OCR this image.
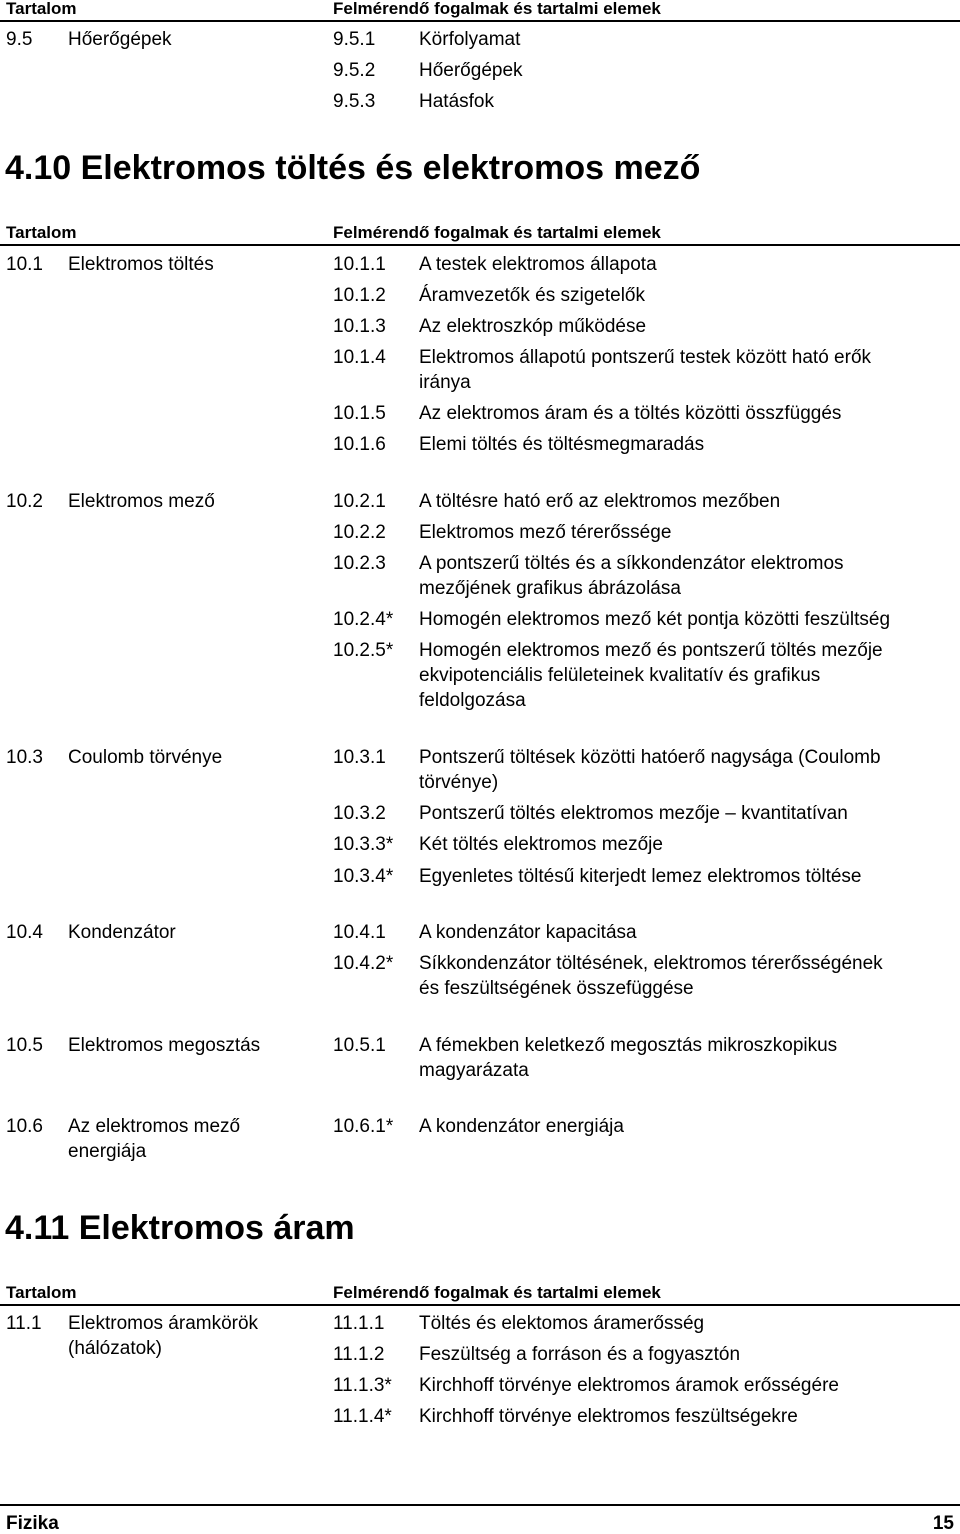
Tartalom	Felmérendő fogalmak és tartalmi elemek
9.5 Hőerőgépek	9.5.1 Körfolyamat
9.5.2 Hőerőgépek
9.5.3 Hatásfok
4.10 Elektromos töltés és elektromos mező
Tartalom	Felmérendő fogalmak és tartalmi elemek
10.1 Elektromos töltés	10.1.1 A testek elektromos állapota
10.1.2 Áramvezetők és szigetelők
10.1.3 Az elektroszkóp működése
10.1.4 Elektromos állapotú pontszerű testek között ható erők
iránya
10.1.5 Az elektromos áram és a töltés közötti összfüggés
10.1.6 Elemi töltés és töltésmegmaradás
10.2 Elektromos mező	10.2.1 A töltésre ható erő az elektromos mezőben
10.2.2 Elektromos mező térerőssége
10.2.3 A pontszerű töltés és a síkkondenzátor elektromos
mezőjének grafikus ábrázolása
10.2.4* Homogén elektromos mező két pontja közötti feszültség
10.2.5* Homogén elektromos mező és pontszerű töltés mezője
ekvipotenciális felületeinek kvalitatív és grafikus
feldolgozása
10.3 Coulomb törvénye	10.3.1 Pontszerű töltések közötti hatóerő nagysága (Coulomb
törvénye)
10.3.2 Pontszerű töltés elektromos mezője – kvantitatívan
10.3.3* Két töltés elektromos mezője
10.3.4* Egyenletes töltésű kiterjedt lemez elektromos töltése
10.4 Kondenzátor	10.4.1 A kondenzátor kapacitása
10.4.2* Síkkondenzátor töltésének, elektromos térerősségének
és feszültségének összefüggése
10.5 Elektromos megosztás	10.5.1 A fémekben keletkező megosztás mikroszkopikus
magyarázata
10.6 Az elektromos mező	10.6.1* A kondenzátor energiája
energiája
4.11 Elektromos áram
Tartalom	Felmérendő fogalmak és tartalmi elemek
11.1 Elektromos áramkörök	11.1.1 Töltés és elektomos áramerősség
(hálózatok)	11.1.2 Feszültség a forráson és a fogyasztón
11.1.3* Kirchhoff törvénye elektromos áramok erősségére
11.1.4* Kirchhoff törvénye elektromos feszültségekre
Fizika	15
